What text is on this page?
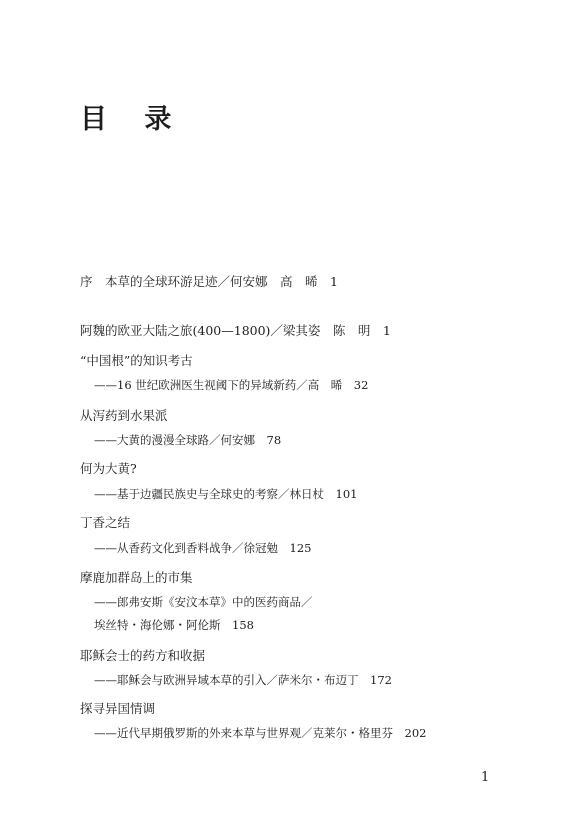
目 录
序　本草的全球环游足迹／何安娜　高　晞　1
阿魏的欧亚大陆之旅(400—1800)／梁其姿　陈　明　1
“中国根”的知识考古
——16 世纪欧洲医生视阈下的异域新药／高　晞　32
从泻药到水果派
——大黄的漫漫全球路／何安娜　78
何为大黄?
——基于边疆民族史与全球史的考察／林日杖　101
丁香之结
——从香药文化到香料战争／徐冠勉　125
摩鹿加群岛上的市集
——郎弗安斯《安汶本草》中的医药商品／
埃丝特・海伦娜・阿伦斯　158
耶稣会士的药方和收据
——耶稣会与欧洲异域本草的引入／萨米尔・布迈丁　172
探寻异国情调
——近代早期俄罗斯的外来本草与世界观／克莱尔・格里芬　202
1
